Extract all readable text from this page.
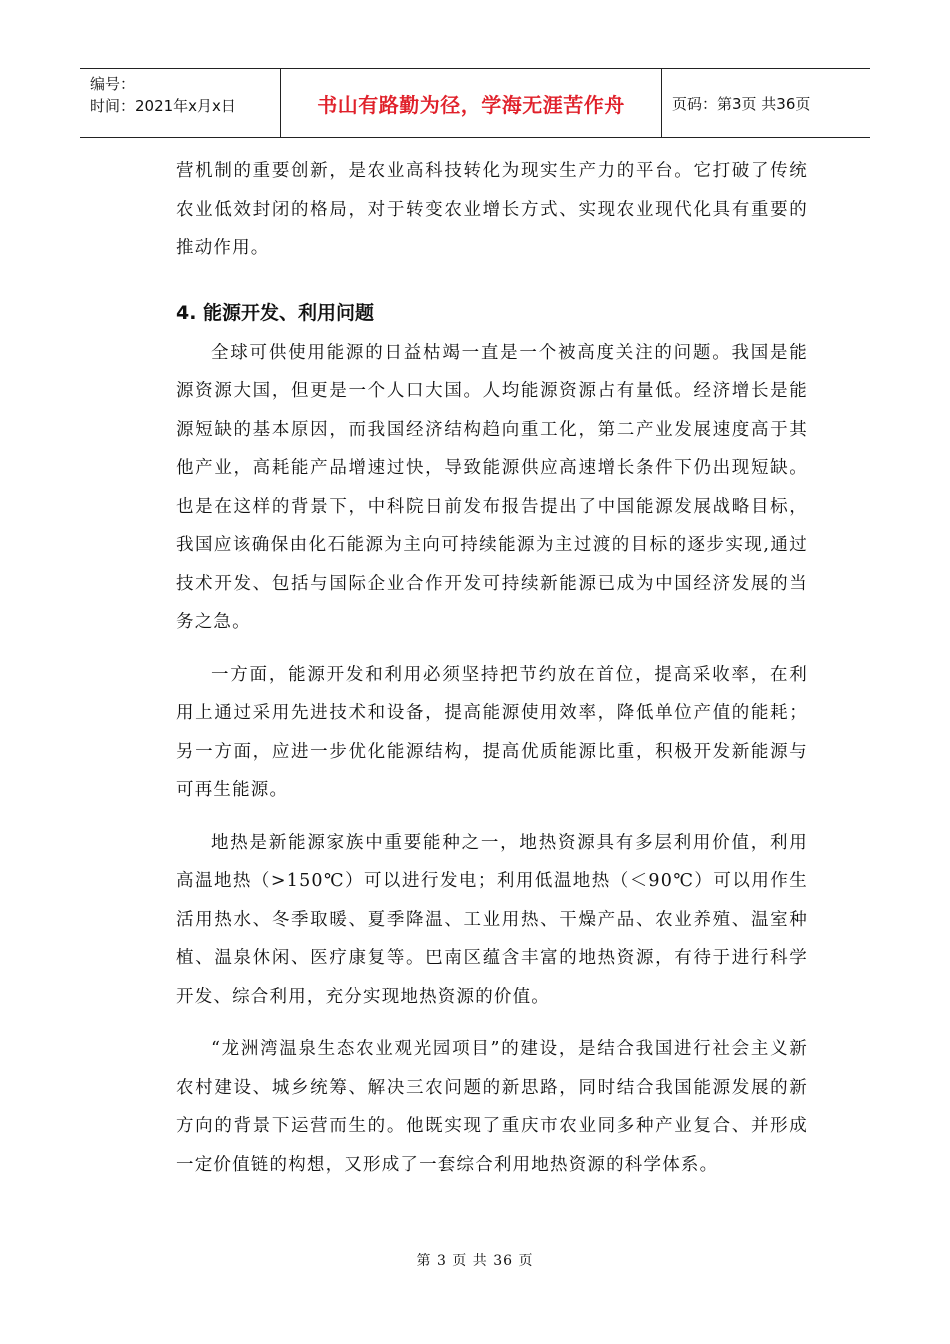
编号：
时间：2021年x月x日	书山有路勤为径，学海无涯苦作舟	页码：第3页 共36页

营机制的重要创新，是农业高科技转化为现实生产力的平台。它打破了传统农业低效封闭的格局，对于转变农业增长方式、实现农业现代化具有重要的推动作用。

4. 能源开发、利用问题

全球可供使用能源的日益枯竭一直是一个被高度关注的问题。我国是能源资源大国，但更是一个人口大国。人均能源资源占有量低。经济增长是能源短缺的基本原因，而我国经济结构趋向重工化，第二产业发展速度高于其他产业，高耗能产品增速过快，导致能源供应高速增长条件下仍出现短缺。也是在这样的背景下，中科院日前发布报告提出了中国能源发展战略目标，我国应该确保由化石能源为主向可持续能源为主过渡的目标的逐步实现,通过技术开发、包括与国际企业合作开发可持续新能源已成为中国经济发展的当务之急。

一方面，能源开发和利用必须坚持把节约放在首位，提高采收率，在利用上通过采用先进技术和设备，提高能源使用效率，降低单位产值的能耗；另一方面，应进一步优化能源结构，提高优质能源比重，积极开发新能源与可再生能源。

地热是新能源家族中重要能种之一，地热资源具有多层利用价值，利用高温地热（>150℃）可以进行发电；利用低温地热（＜90℃）可以用作生活用热水、冬季取暖、夏季降温、工业用热、干燥产品、农业养殖、温室种植、温泉休闲、医疗康复等。巴南区蕴含丰富的地热资源，有待于进行科学开发、综合利用，充分实现地热资源的价值。

“龙洲湾温泉生态农业观光园项目”的建设，是结合我国进行社会主义新农村建设、城乡统筹、解决三农问题的新思路，同时结合我国能源发展的新方向的背景下运营而生的。他既实现了重庆市农业同多种产业复合、并形成一定价值链的构想，又形成了一套综合利用地热资源的科学体系。

第 3 页 共 36 页
